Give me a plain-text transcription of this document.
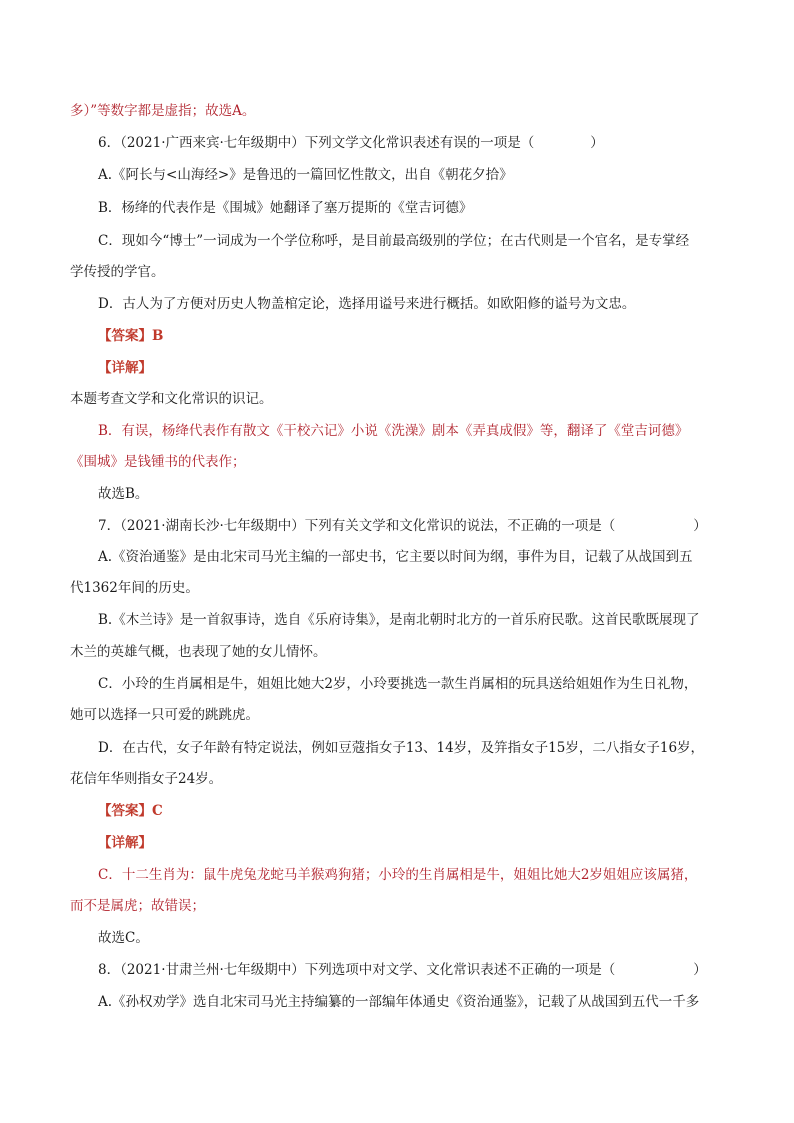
多）”等数字都是虚指；故选A。
6．（2021·广西来宾·七年级期中）下列文学文化常识表述有误的一项是（	）
A.《阿长与<山海经>》是鲁迅的一篇回忆性散文，出自《朝花夕拾》
B．杨绛的代表作是《围城》她翻译了塞万提斯的《堂吉诃德》
C．现如今“博士”一词成为一个学位称呼，是目前最高级别的学位；在古代则是一个官名，是专掌经
学传授的学官。
D．古人为了方便对历史人物盖棺定论，选择用谥号来进行概括。如欧阳修的谥号为文忠。
【答案】B
【详解】
本题考查文学和文化常识的识记。
B．有误，杨绛代表作有散文《干校六记》小说《洗澡》剧本《弄真成假》等，翻译了《堂吉诃德》
《围城》是钱锺书的代表作；
故选B。
7．（2021·湖南长沙·七年级期中）下列有关文学和文化常识的说法，不正确的一项是（	）
A.《资治通鉴》是由北宋司马光主编的一部史书，它主要以时间为纲，事件为目，记载了从战国到五
代1362年间的历史。
B.《木兰诗》是一首叙事诗，选自《乐府诗集》，是南北朝时北方的一首乐府民歌。这首民歌既展现了
木兰的英雄气概，也表现了她的女儿情怀。
C．小玲的生肖属相是牛，姐姐比她大2岁，小玲要挑选一款生肖属相的玩具送给姐姐作为生日礼物，
她可以选择一只可爱的跳跳虎。
D．在古代，女子年龄有特定说法，例如豆蔻指女子13、14岁，及笄指女子15岁，二八指女子16岁，
花信年华则指女子24岁。
【答案】C
【详解】
C．十二生肖为：鼠牛虎兔龙蛇马羊猴鸡狗猪；小玲的生肖属相是牛，姐姐比她大2岁姐姐应该属猪，
而不是属虎；故错误；
故选C。
8．（2021·甘肃兰州·七年级期中）下列选项中对文学、文化常识表述不正确的一项是（	）
A.《孙权劝学》选自北宋司马光主持编纂的一部编年体通史《资治通鉴》，记载了从战国到五代一千多
